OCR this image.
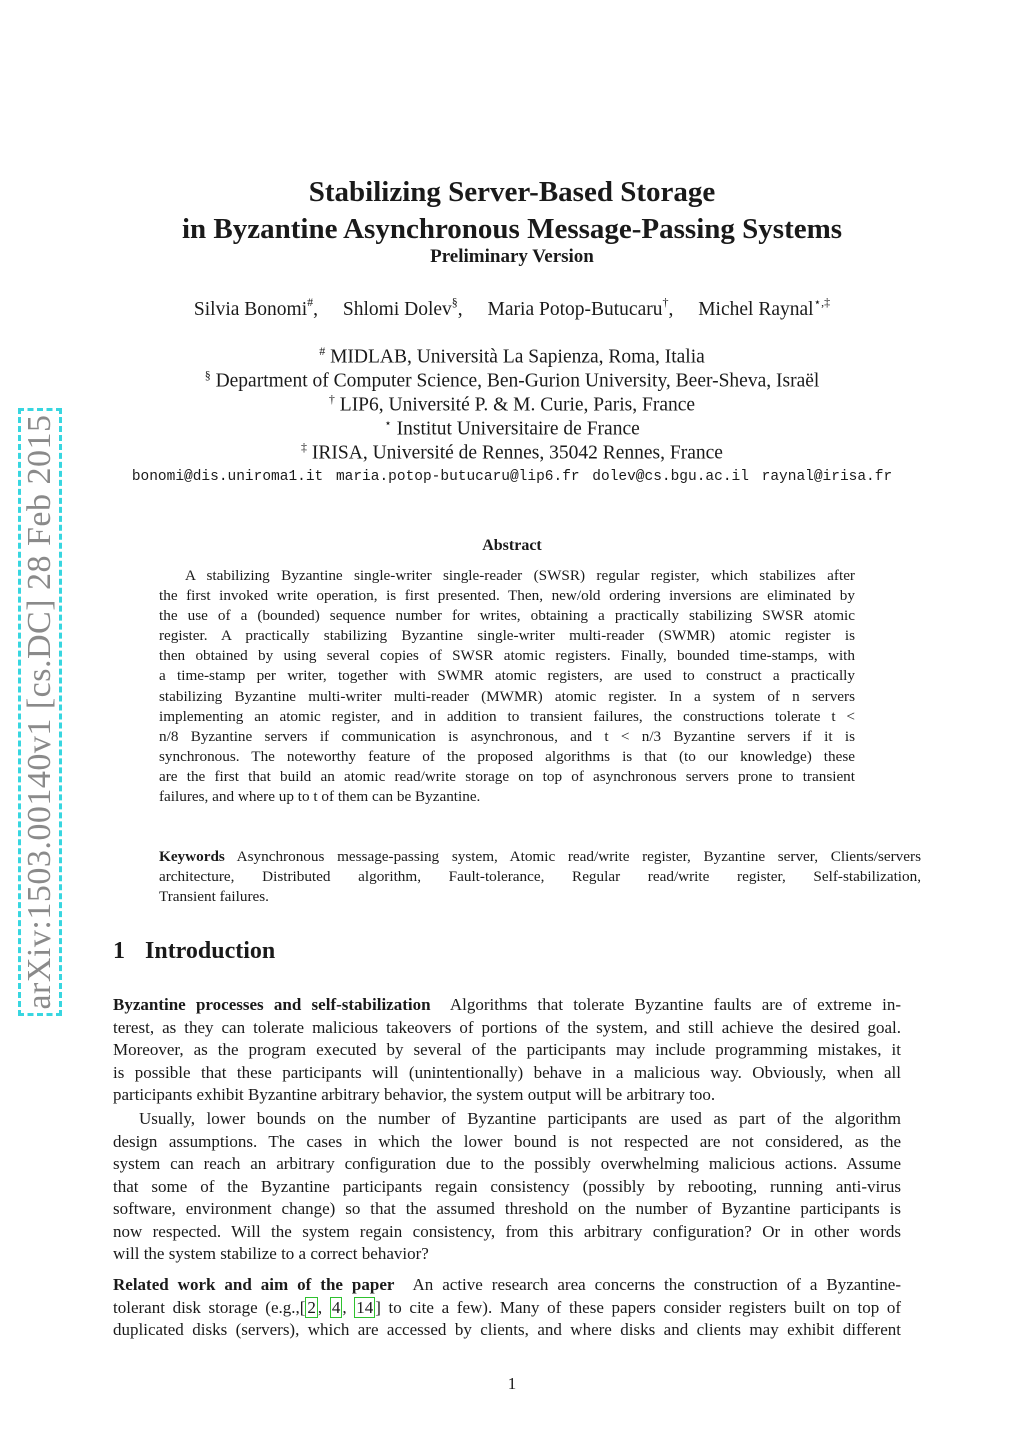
arXiv:1503.00140v1 [cs.DC] 28 Feb 2015
Stabilizing Server-Based Storage
in Byzantine Asynchronous Message-Passing Systems
Preliminary Version
Silvia Bonomi#, Shlomi Dolev§, Maria Potop-Butucaru†, Michel Raynal⋆,‡
# MIDLAB, Università La Sapienza, Roma, Italia
§ Department of Computer Science, Ben-Gurion University, Beer-Sheva, Israël
† LIP6, Université P. & M. Curie, Paris, France
⋆ Institut Universitaire de France
‡ IRISA, Université de Rennes, 35042 Rennes, France
bonomi@dis.uniroma1.it maria.potop-butucaru@lip6.fr dolev@cs.bgu.ac.il raynal@irisa.fr
Abstract
A stabilizing Byzantine single-writer single-reader (SWSR) regular register, which stabilizes after
the first invoked write operation, is first presented. Then, new/old ordering inversions are eliminated by
the use of a (bounded) sequence number for writes, obtaining a practically stabilizing SWSR atomic
register. A practically stabilizing Byzantine single-writer multi-reader (SWMR) atomic register is
then obtained by using several copies of SWSR atomic registers. Finally, bounded time-stamps, with
a time-stamp per writer, together with SWMR atomic registers, are used to construct a practically
stabilizing Byzantine multi-writer multi-reader (MWMR) atomic register. In a system of n servers
implementing an atomic register, and in addition to transient failures, the constructions tolerate t <
n/8 Byzantine servers if communication is asynchronous, and t < n/3 Byzantine servers if it is
synchronous. The noteworthy feature of the proposed algorithms is that (to our knowledge) these
are the first that build an atomic read/write storage on top of asynchronous servers prone to transient
failures, and where up to t of them can be Byzantine.
Keywords Asynchronous message-passing system, Atomic read/write register, Byzantine server, Clients/servers
architecture, Distributed algorithm, Fault-tolerance, Regular read/write register, Self-stabilization,
Transient failures.
1 Introduction
Byzantine processes and self-stabilization Algorithms that tolerate Byzantine faults are of extreme in-
terest, as they can tolerate malicious takeovers of portions of the system, and still achieve the desired goal.
Moreover, as the program executed by several of the participants may include programming mistakes, it
is possible that these participants will (unintentionally) behave in a malicious way. Obviously, when all
participants exhibit Byzantine arbitrary behavior, the system output will be arbitrary too.
Usually, lower bounds on the number of Byzantine participants are used as part of the algorithm
design assumptions. The cases in which the lower bound is not respected are not considered, as the
system can reach an arbitrary configuration due to the possibly overwhelming malicious actions. Assume
that some of the Byzantine participants regain consistency (possibly by rebooting, running anti-virus
software, environment change) so that the assumed threshold on the number of Byzantine participants is
now respected. Will the system regain consistency, from this arbitrary configuration? Or in other words
will the system stabilize to a correct behavior?
Related work and aim of the paper An active research area concerns the construction of a Byzantine-
tolerant disk storage (e.g.,[ 2 , 4 , 14 ] to cite a few). Many of these papers consider registers built on top of
duplicated disks (servers), which are accessed by clients, and where disks and clients may exhibit different
1
